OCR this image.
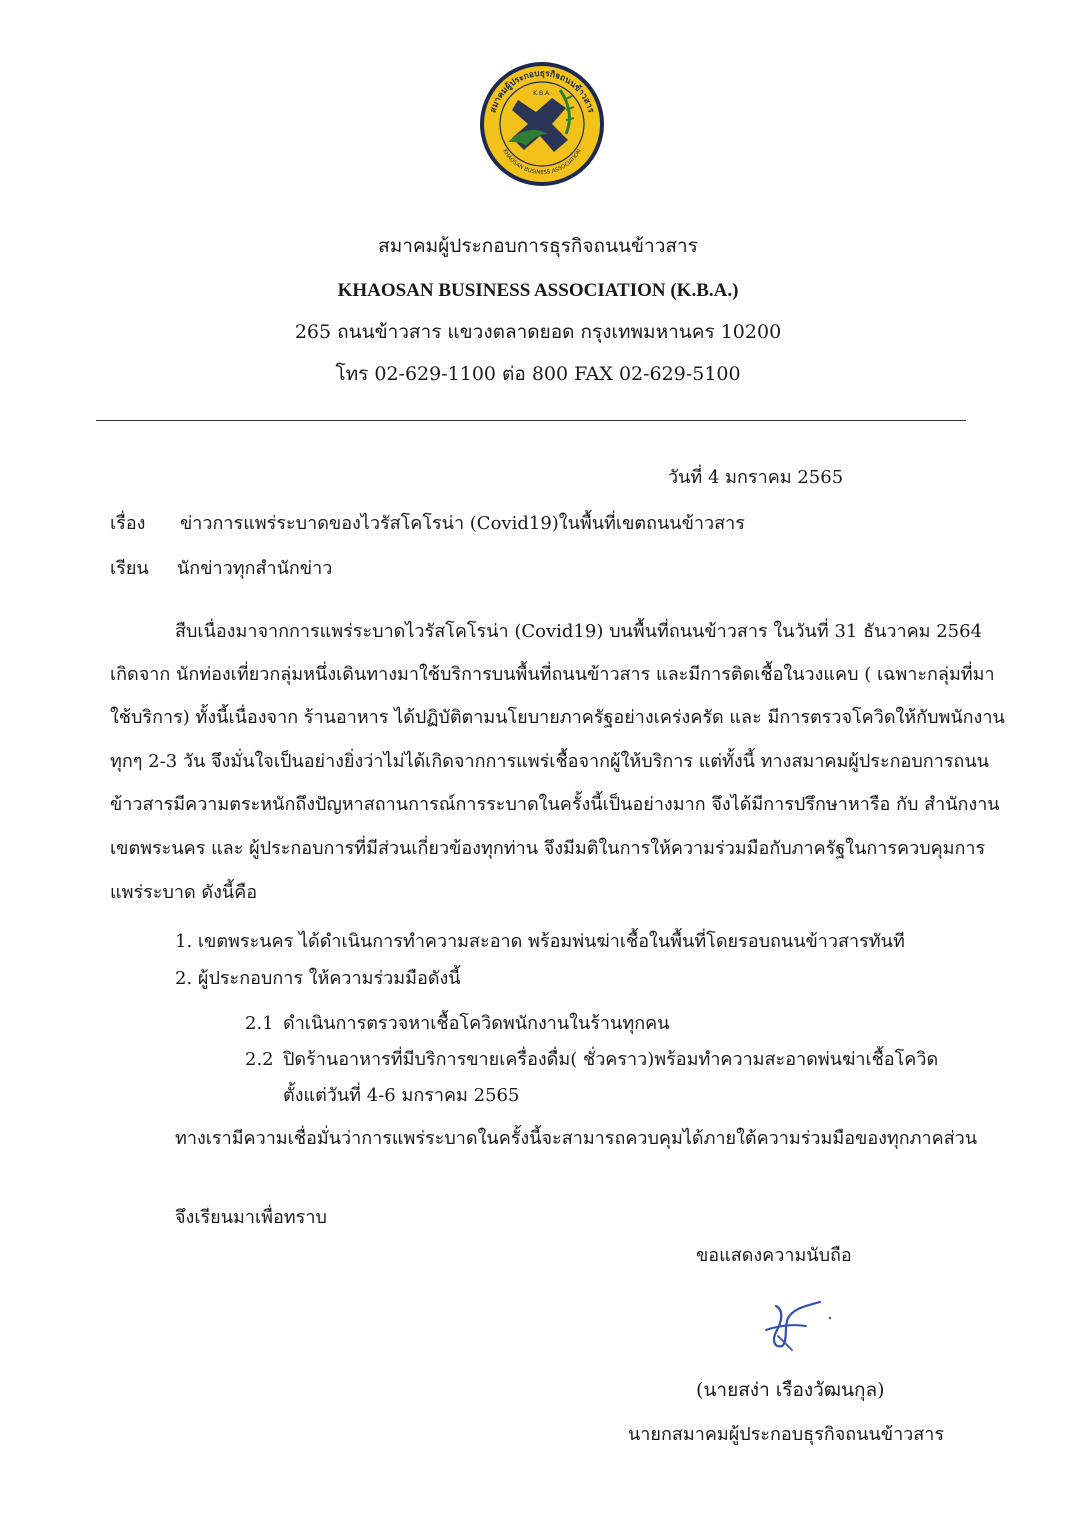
K.B.A.
สมาคมผู้ประกอบธุรกิจถนนข้าวสาร
KHAOSAN BUSINESS ASSOCIATION
สมาคมผู้ประกอบการธุรกิจถนนข้าวสาร
KHAOSAN BUSINESS ASSOCIATION (K.B.A.)
265 ถนนข้าวสาร แขวงตลาดยอด กรุงเทพมหานคร 10200
โทร 02-629-1100 ต่อ 800 FAX 02-629-5100
วันที่ 4 มกราคม 2565
เรื่อง ข่าวการแพร่ระบาดของไวรัสโคโรน่า (Covid19)ในพื้นที่เขตถนนข้าวสาร
เรียน นักข่าวทุกสำนักข่าว
สืบเนื่องมาจากการแพร่ระบาดไวรัสโคโรน่า (Covid19) บนพื้นที่ถนนข้าวสาร ในวันที่ 31 ธันวาคม 2564
เกิดจาก นักท่องเที่ยวกลุ่มหนึ่งเดินทางมาใช้บริการบนพื้นที่ถนนข้าวสาร และมีการติดเชื้อในวงแคบ ( เฉพาะกลุ่มที่มา
ใช้บริการ) ทั้งนี้เนื่องจาก ร้านอาหาร ได้ปฏิบัติตามนโยบายภาครัฐอย่างเคร่งครัด และ มีการตรวจโควิดให้กับพนักงาน
ทุกๆ 2-3 วัน จึงมั่นใจเป็นอย่างยิ่งว่าไม่ได้เกิดจากการแพร่เชื้อจากผู้ให้บริการ แต่ทั้งนี้ ทางสมาคมผู้ประกอบการถนน
ข้าวสารมีความตระหนักถึงปัญหาสถานการณ์การระบาดในครั้งนี้เป็นอย่างมาก จึงได้มีการปรึกษาหารือ กับ สำนักงาน
เขตพระนคร และ ผู้ประกอบการที่มีส่วนเกี่ยวข้องทุกท่าน จึงมีมติในการให้ความร่วมมือกับภาครัฐในการควบคุมการ
แพร่ระบาด ดังนี้คือ
1. เขตพระนคร ได้ดำเนินการทำความสะอาด พร้อมพ่นฆ่าเชื้อในพื้นที่โดยรอบถนนข้าวสารทันที
2. ผู้ประกอบการ ให้ความร่วมมือดังนี้
2.1 ดำเนินการตรวจหาเชื้อโควิดพนักงานในร้านทุกคน
2.2 ปิดร้านอาหารที่มีบริการขายเครื่องดื่ม( ชั่วคราว)พร้อมทำความสะอาดพ่นฆ่าเชื้อโควิด
ตั้งแต่วันที่ 4-6 มกราคม 2565
ทางเรามีความเชื่อมั่นว่าการแพร่ระบาดในครั้งนี้จะสามารถควบคุมได้ภายใต้ความร่วมมือของทุกภาคส่วน
จึงเรียนมาเพื่อทราบ
ขอแสดงความนับถือ
(นายสง่า เรืองวัฒนกุล)
นายกสมาคมผู้ประกอบธุรกิจถนนข้าวสาร
